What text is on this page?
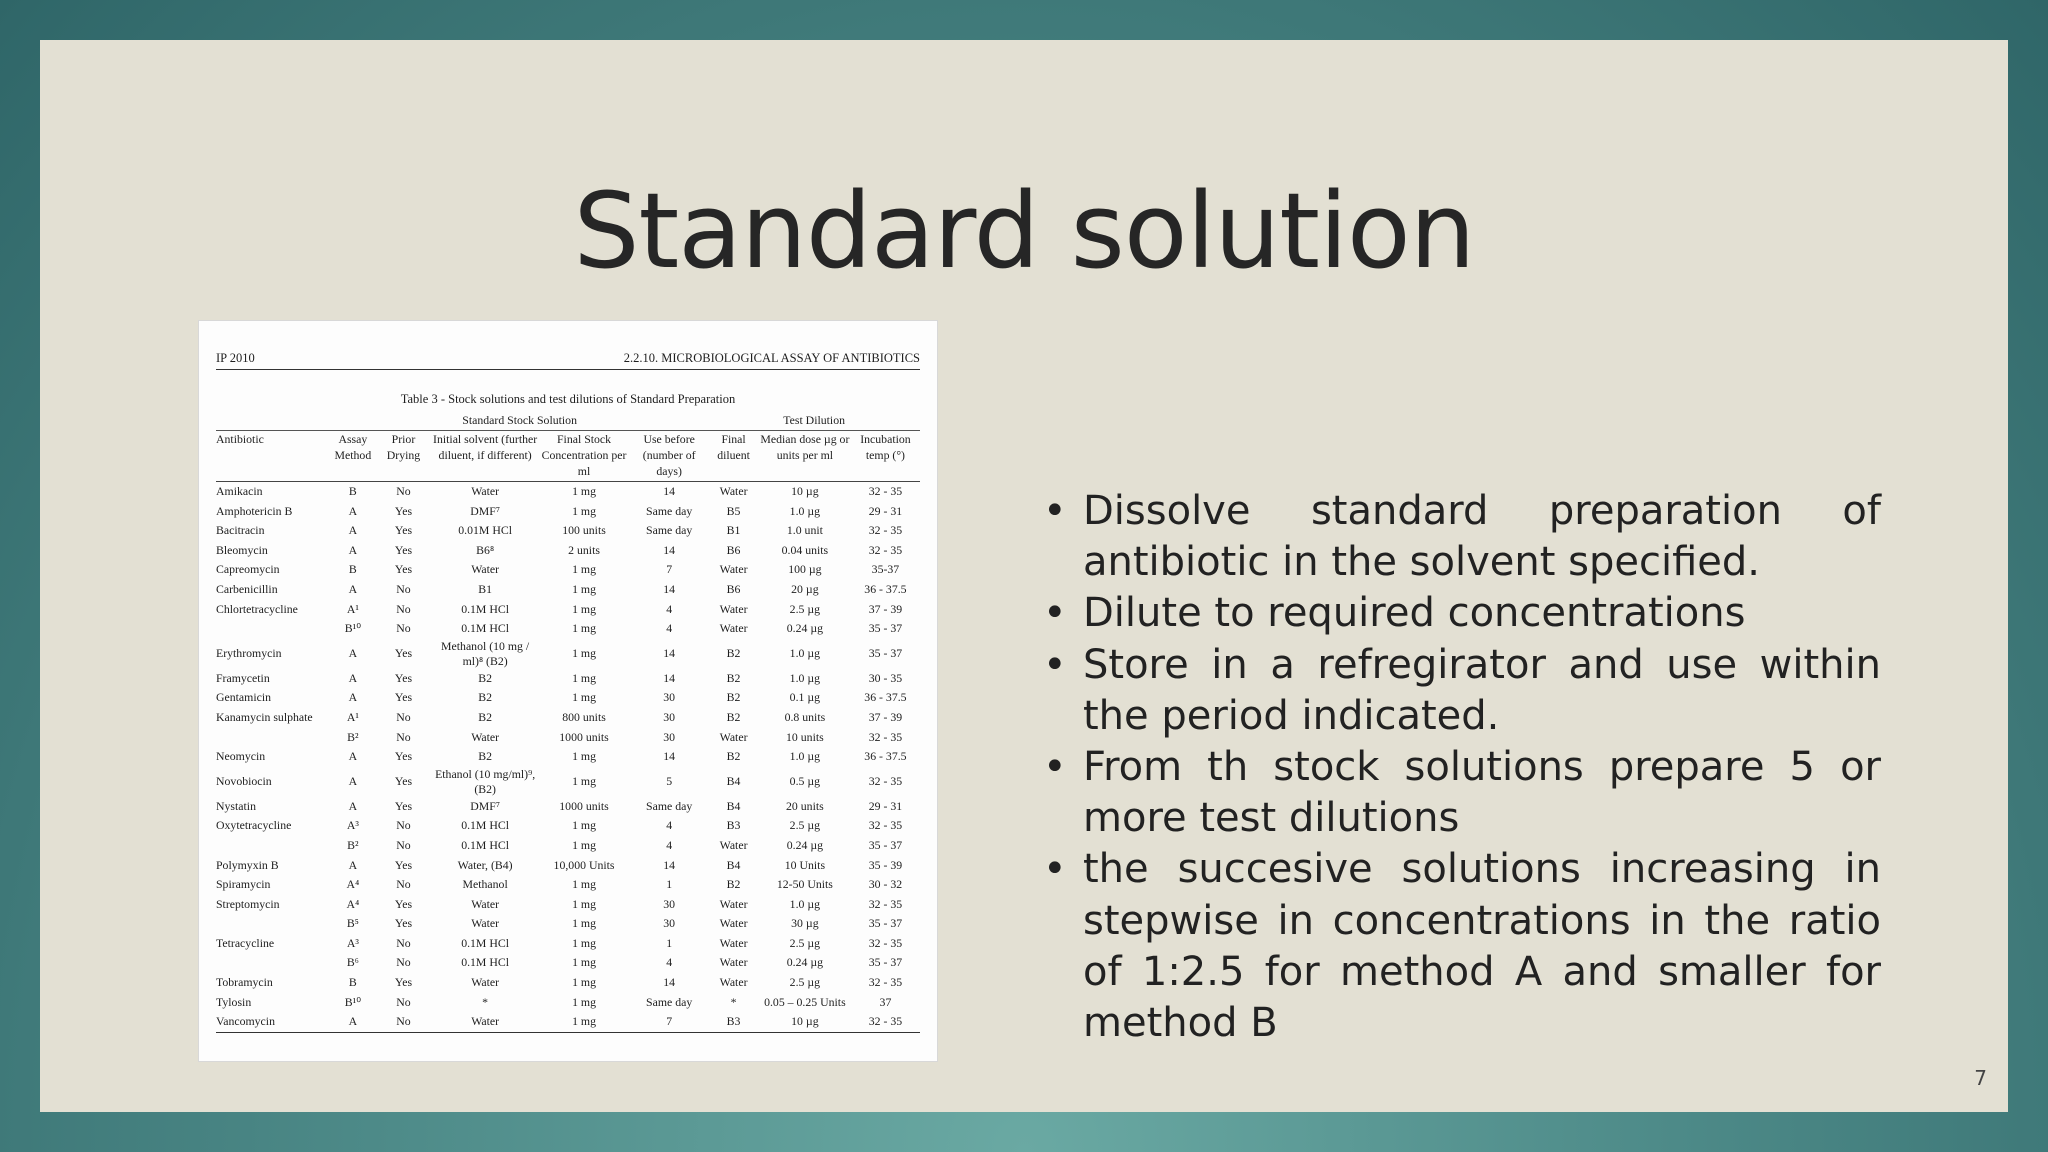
Standard solution
IP 2010	2.2.10. MICROBIOLOGICAL ASSAY OF ANTIBIOTICS
Table 3 - Stock solutions and test dilutions of Standard Preparation
	Standard Stock Solution					Test Dilution		
Antibiotic	Assay Method	Prior Drying	Initial solvent (further diluent, if different)	Final Stock Concentration per ml	Use before (number of days)	Final diluent	Median dose µg or units per ml	Incubation temp (°)
Amikacin	B	No	Water	1 mg	14	Water	10 µg	32 - 35
Amphotericin B	A	Yes	DMF⁷	1 mg	Same day	B5	1.0 µg	29 - 31
Bacitracin	A	Yes	0.01M HCl	100 units	Same day	B1	1.0 unit	32 - 35
Bleomycin	A	Yes	B6⁸	2 units	14	B6	0.04 units	32 - 35
Capreomycin	B	Yes	Water	1 mg	7	Water	100 µg	35-37
Carbenicillin	A	No	B1	1 mg	14	B6	20 µg	36 - 37.5
Chlortetracycline	A¹	No	0.1M HCl	1 mg	4	Water	2.5 µg	37 - 39
	B¹⁰	No	0.1M HCl	1 mg	4	Water	0.24 µg	35 - 37
Erythromycin	A	Yes	Methanol (10 mg / ml)⁸ (B2)	1 mg	14	B2	1.0 µg	35 - 37
Framycetin	A	Yes	B2	1 mg	14	B2	1.0 µg	30 - 35
Gentamicin	A	Yes	B2	1 mg	30	B2	0.1 µg	36 - 37.5
Kanamycin sulphate	A¹	No	B2	800 units	30	B2	0.8 units	37 - 39
	B²	No	Water	1000 units	30	Water	10 units	32 - 35
Neomycin	A	Yes	B2	1 mg	14	B2	1.0 µg	36 - 37.5
Novobiocin	A	Yes	Ethanol (10 mg/ml)⁹, (B2)	1 mg	5	B4	0.5 µg	32 - 35
Nystatin	A	Yes	DMF⁷	1000 units	Same day	B4	20 units	29 - 31
Oxytetracycline	A³	No	0.1M HCl	1 mg	4	B3	2.5 µg	32 - 35
	B²	No	0.1M HCl	1 mg	4	Water	0.24 µg	35 - 37
Polymyxin B	A	Yes	Water, (B4)	10,000 Units	14	B4	10 Units	35 - 39
Spiramycin	A⁴	No	Methanol	1 mg	1	B2	12-50 Units	30 - 32
Streptomycin	A⁴	Yes	Water	1 mg	30	Water	1.0 µg	32 - 35
	B⁵	Yes	Water	1 mg	30	Water	30 µg	35 - 37
Tetracycline	A³	No	0.1M HCl	1 mg	1	Water	2.5 µg	32 - 35
	B⁶	No	0.1M HCl	1 mg	4	Water	0.24 µg	35 - 37
Tobramycin	B	Yes	Water	1 mg	14	Water	2.5 µg	32 - 35
Tylosin	B¹⁰	No	*	1 mg	Same day	*	0.05 – 0.25 Units	37
Vancomycin	A	No	Water	1 mg	7	B3	10 µg	32 - 35
• Dissolve standard preparation of antibiotic in the solvent specified.
• Dilute to required concentrations
• Store in a refregirator and use within the period indicated.
• From th stock solutions prepare 5 or more test dilutions
• the succesive solutions increasing in stepwise in concentrations in the ratio of 1:2.5 for method A and smaller for method B
7
